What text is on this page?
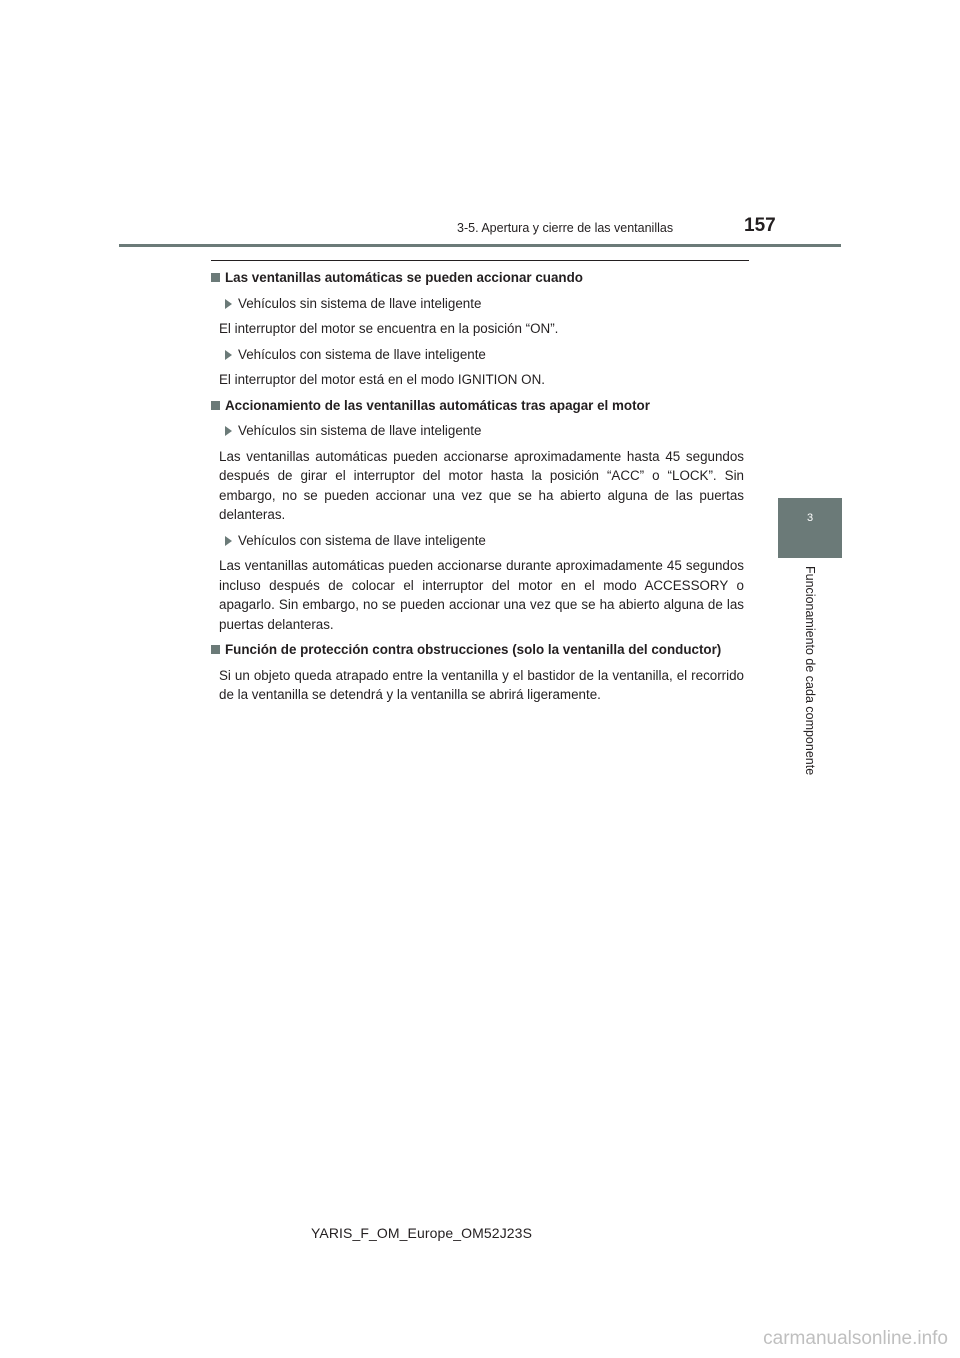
3-5. Apertura y cierre de las ventanillas	157
Las ventanillas automáticas se pueden accionar cuando
Vehículos sin sistema de llave inteligente
El interruptor del motor se encuentra en la posición “ON”.
Vehículos con sistema de llave inteligente
El interruptor del motor está en el modo IGNITION ON.
Accionamiento de las ventanillas automáticas tras apagar el motor
Vehículos sin sistema de llave inteligente
Las ventanillas automáticas pueden accionarse aproximadamente hasta 45 segundos después de girar el interruptor del motor hasta la posición “ACC” o “LOCK”. Sin embargo, no se pueden accionar una vez que se ha abierto alguna de las puertas delanteras.
Vehículos con sistema de llave inteligente
Las ventanillas automáticas pueden accionarse durante aproximadamente 45 segundos incluso después de colocar el interruptor del motor en el modo ACCESSORY o apagarlo. Sin embargo, no se pueden accionar una vez que se ha abierto alguna de las puertas delanteras.
Función de protección contra obstrucciones (solo la ventanilla del conductor)
Si un objeto queda atrapado entre la ventanilla y el bastidor de la ventanilla, el recorrido de la ventanilla se detendrá y la ventanilla se abrirá ligeramente.
3
Funcionamiento de cada componente
YARIS_F_OM_Europe_OM52J23S
carmanualsonline.info
